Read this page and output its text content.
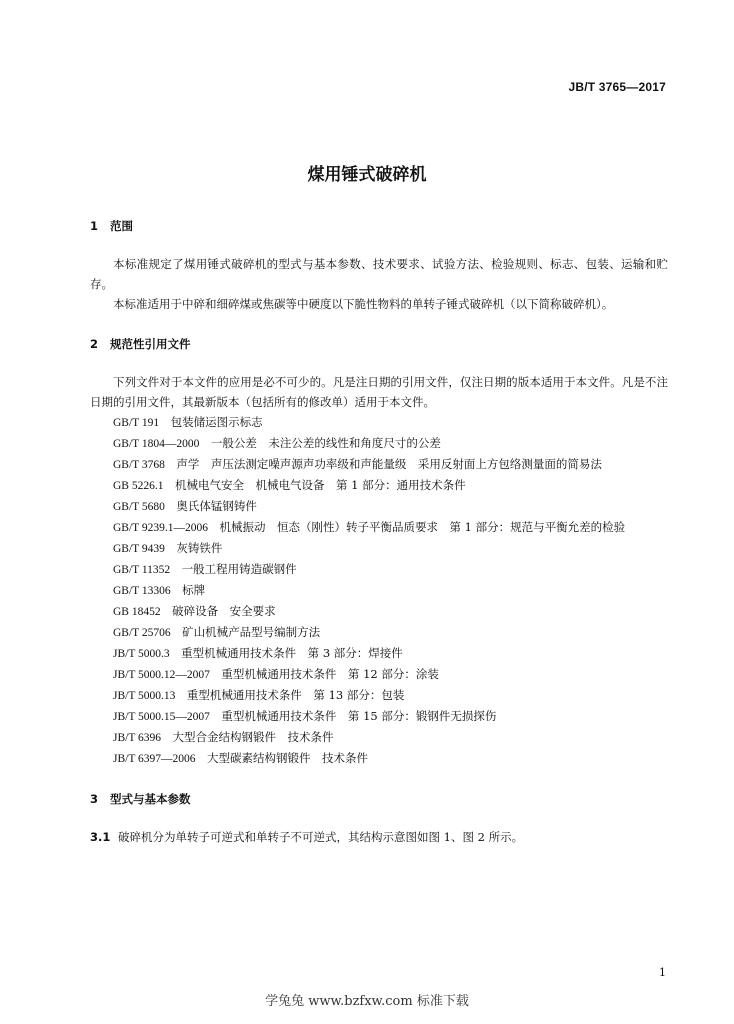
JB/T 3765—2017
煤用锤式破碎机
1 范围

本标准规定了煤用锤式破碎机的型式与基本参数、技术要求、试验方法、检验规则、标志、包装、运输和贮存。

本标准适用于中碎和细碎煤或焦碳等中硬度以下脆性物料的单转子锤式破碎机（以下简称破碎机）。

2 规范性引用文件

下列文件对于本文件的应用是必不可少的。凡是注日期的引用文件，仅注日期的版本适用于本文件。凡是不注日期的引用文件，其最新版本（包括所有的修改单）适用于本文件。

GB/T 191　 包装储运图示标志
GB/T 1804—2000　 一般公差　未注公差的线性和角度尺寸的公差
GB/T 3768　 声学　声压法测定噪声源声功率级和声能量级　采用反射面上方包络测量面的简易法
GB 5226.1　 机械电气安全　机械电气设备　第 1 部分：通用技术条件
GB/T 5680　 奥氏体锰钢铸件
GB/T 9239.1—2006　 机械振动　恒态（刚性）转子平衡品质要求　第 1 部分：规范与平衡允差的检验
GB/T 9439　 灰铸铁件
GB/T 11352　 一般工程用铸造碳钢件
GB/T 13306　 标牌
GB 18452　 破碎设备　安全要求
GB/T 25706　 矿山机械产品型号编制方法
JB/T 5000.3　 重型机械通用技术条件　第 3 部分：焊接件
JB/T 5000.12—2007　 重型机械通用技术条件　第 12 部分：涂装
JB/T 5000.13　 重型机械通用技术条件　第 13 部分：包装
JB/T 5000.15—2007　 重型机械通用技术条件　第 15 部分：锻钢件无损探伤
JB/T 6396　 大型合金结构钢锻件　技术条件
JB/T 6397—2006　 大型碳素结构钢锻件　技术条件
3 型式与基本参数
3.1 破碎机分为单转子可逆式和单转子不可逆式，其结构示意图如图 1、图 2 所示。
1
学兔兔 www.bzfxw.com 标准下载
